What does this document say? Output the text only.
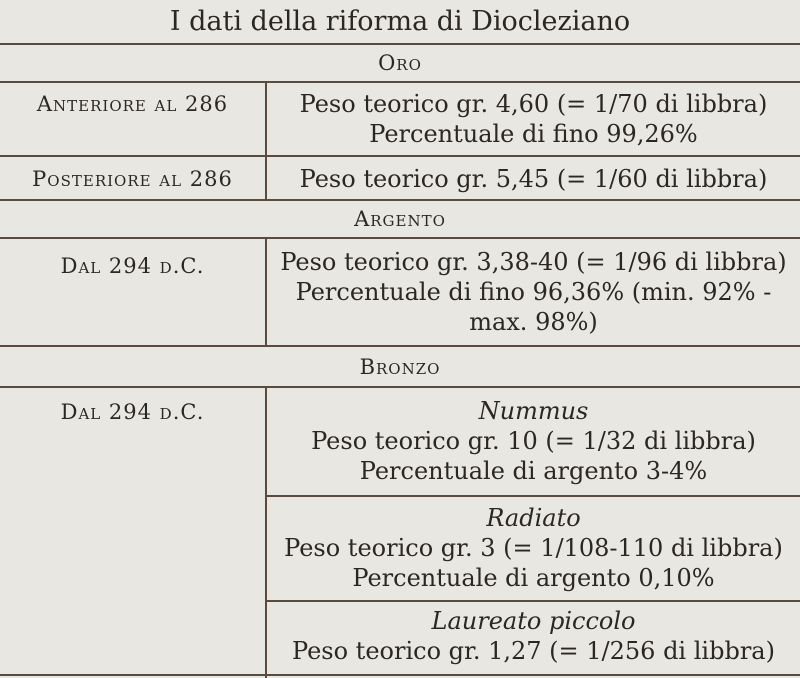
I dati della riforma di Diocleziano
Oro
Anteriore al 286	Peso teorico gr. 4,60 (= 1/70 di libbra)
Percentuale di fino 99,26%
Posteriore al 286	Peso teorico gr. 5,45 (= 1/60 di libbra)
Argento
Dal 294 d.C.	Peso teorico gr. 3,38-40 (= 1/96 di libbra)
Percentuale di fino 96,36% (min. 92% -
max. 98%)
Bronzo
Dal 294 d.C.	Nummus
Peso teorico gr. 10 (= 1/32 di libbra)
Percentuale di argento 3-4%
Radiato
Peso teorico gr. 3 (= 1/108-110 di libbra)
Percentuale di argento 0,10%
Laureato piccolo
Peso teorico gr. 1,27 (= 1/256 di libbra)
